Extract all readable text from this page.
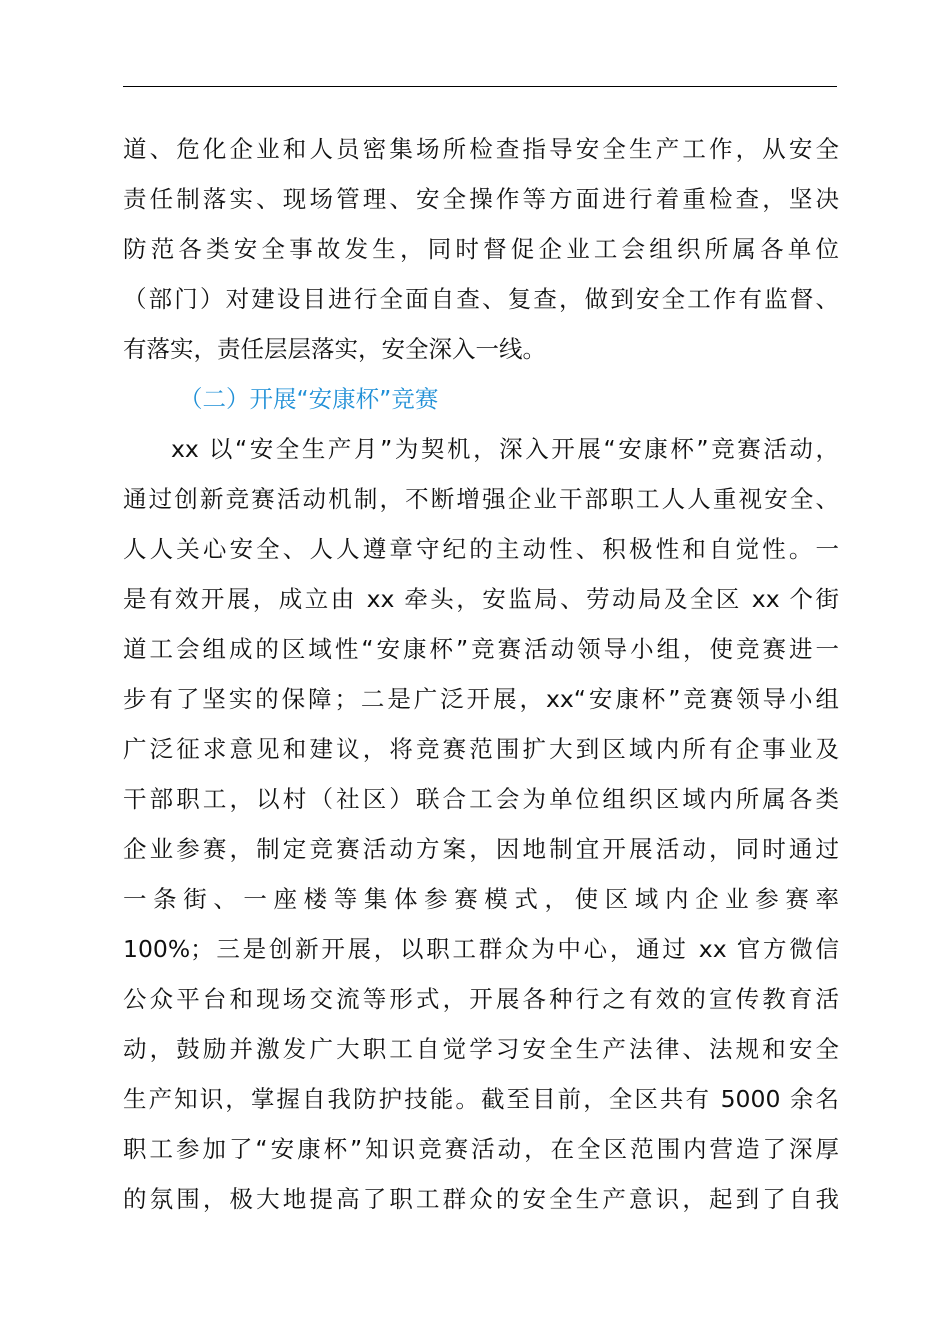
道、危化企业和人员密集场所检查指导安全生产工作，从安全
责任制落实、现场管理、安全操作等方面进行着重检查，坚决
防范各类安全事故发生，同时督促企业工会组织所属各单位
（部门）对建设目进行全面自查、复查，做到安全工作有监督、
有落实，责任层层落实，安全深入一线。
（二）开展“安康杯”竞赛
xx 以“安全生产月”为契机，深入开展“安康杯”竞赛活动，
通过创新竞赛活动机制，不断增强企业干部职工人人重视安全、
人人关心安全、人人遵章守纪的主动性、积极性和自觉性。一
是有效开展，成立由 xx 牵头，安监局、劳动局及全区 xx 个街
道工会组成的区域性“安康杯”竞赛活动领导小组，使竞赛进一
步有了坚实的保障；二是广泛开展，xx“安康杯”竞赛领导小组
广泛征求意见和建议，将竞赛范围扩大到区域内所有企事业及
干部职工，以村（社区）联合工会为单位组织区域内所属各类
企业参赛，制定竞赛活动方案，因地制宜开展活动，同时通过
一条街、一座楼等集体参赛模式，使区域内企业参赛率
100%；三是创新开展，以职工群众为中心，通过 xx 官方微信
公众平台和现场交流等形式，开展各种行之有效的宣传教育活
动，鼓励并激发广大职工自觉学习安全生产法律、法规和安全
生产知识，掌握自我防护技能。截至目前，全区共有 5000 余名
职工参加了“安康杯”知识竞赛活动，在全区范围内营造了深厚
的氛围，极大地提高了职工群众的安全生产意识，起到了自我
